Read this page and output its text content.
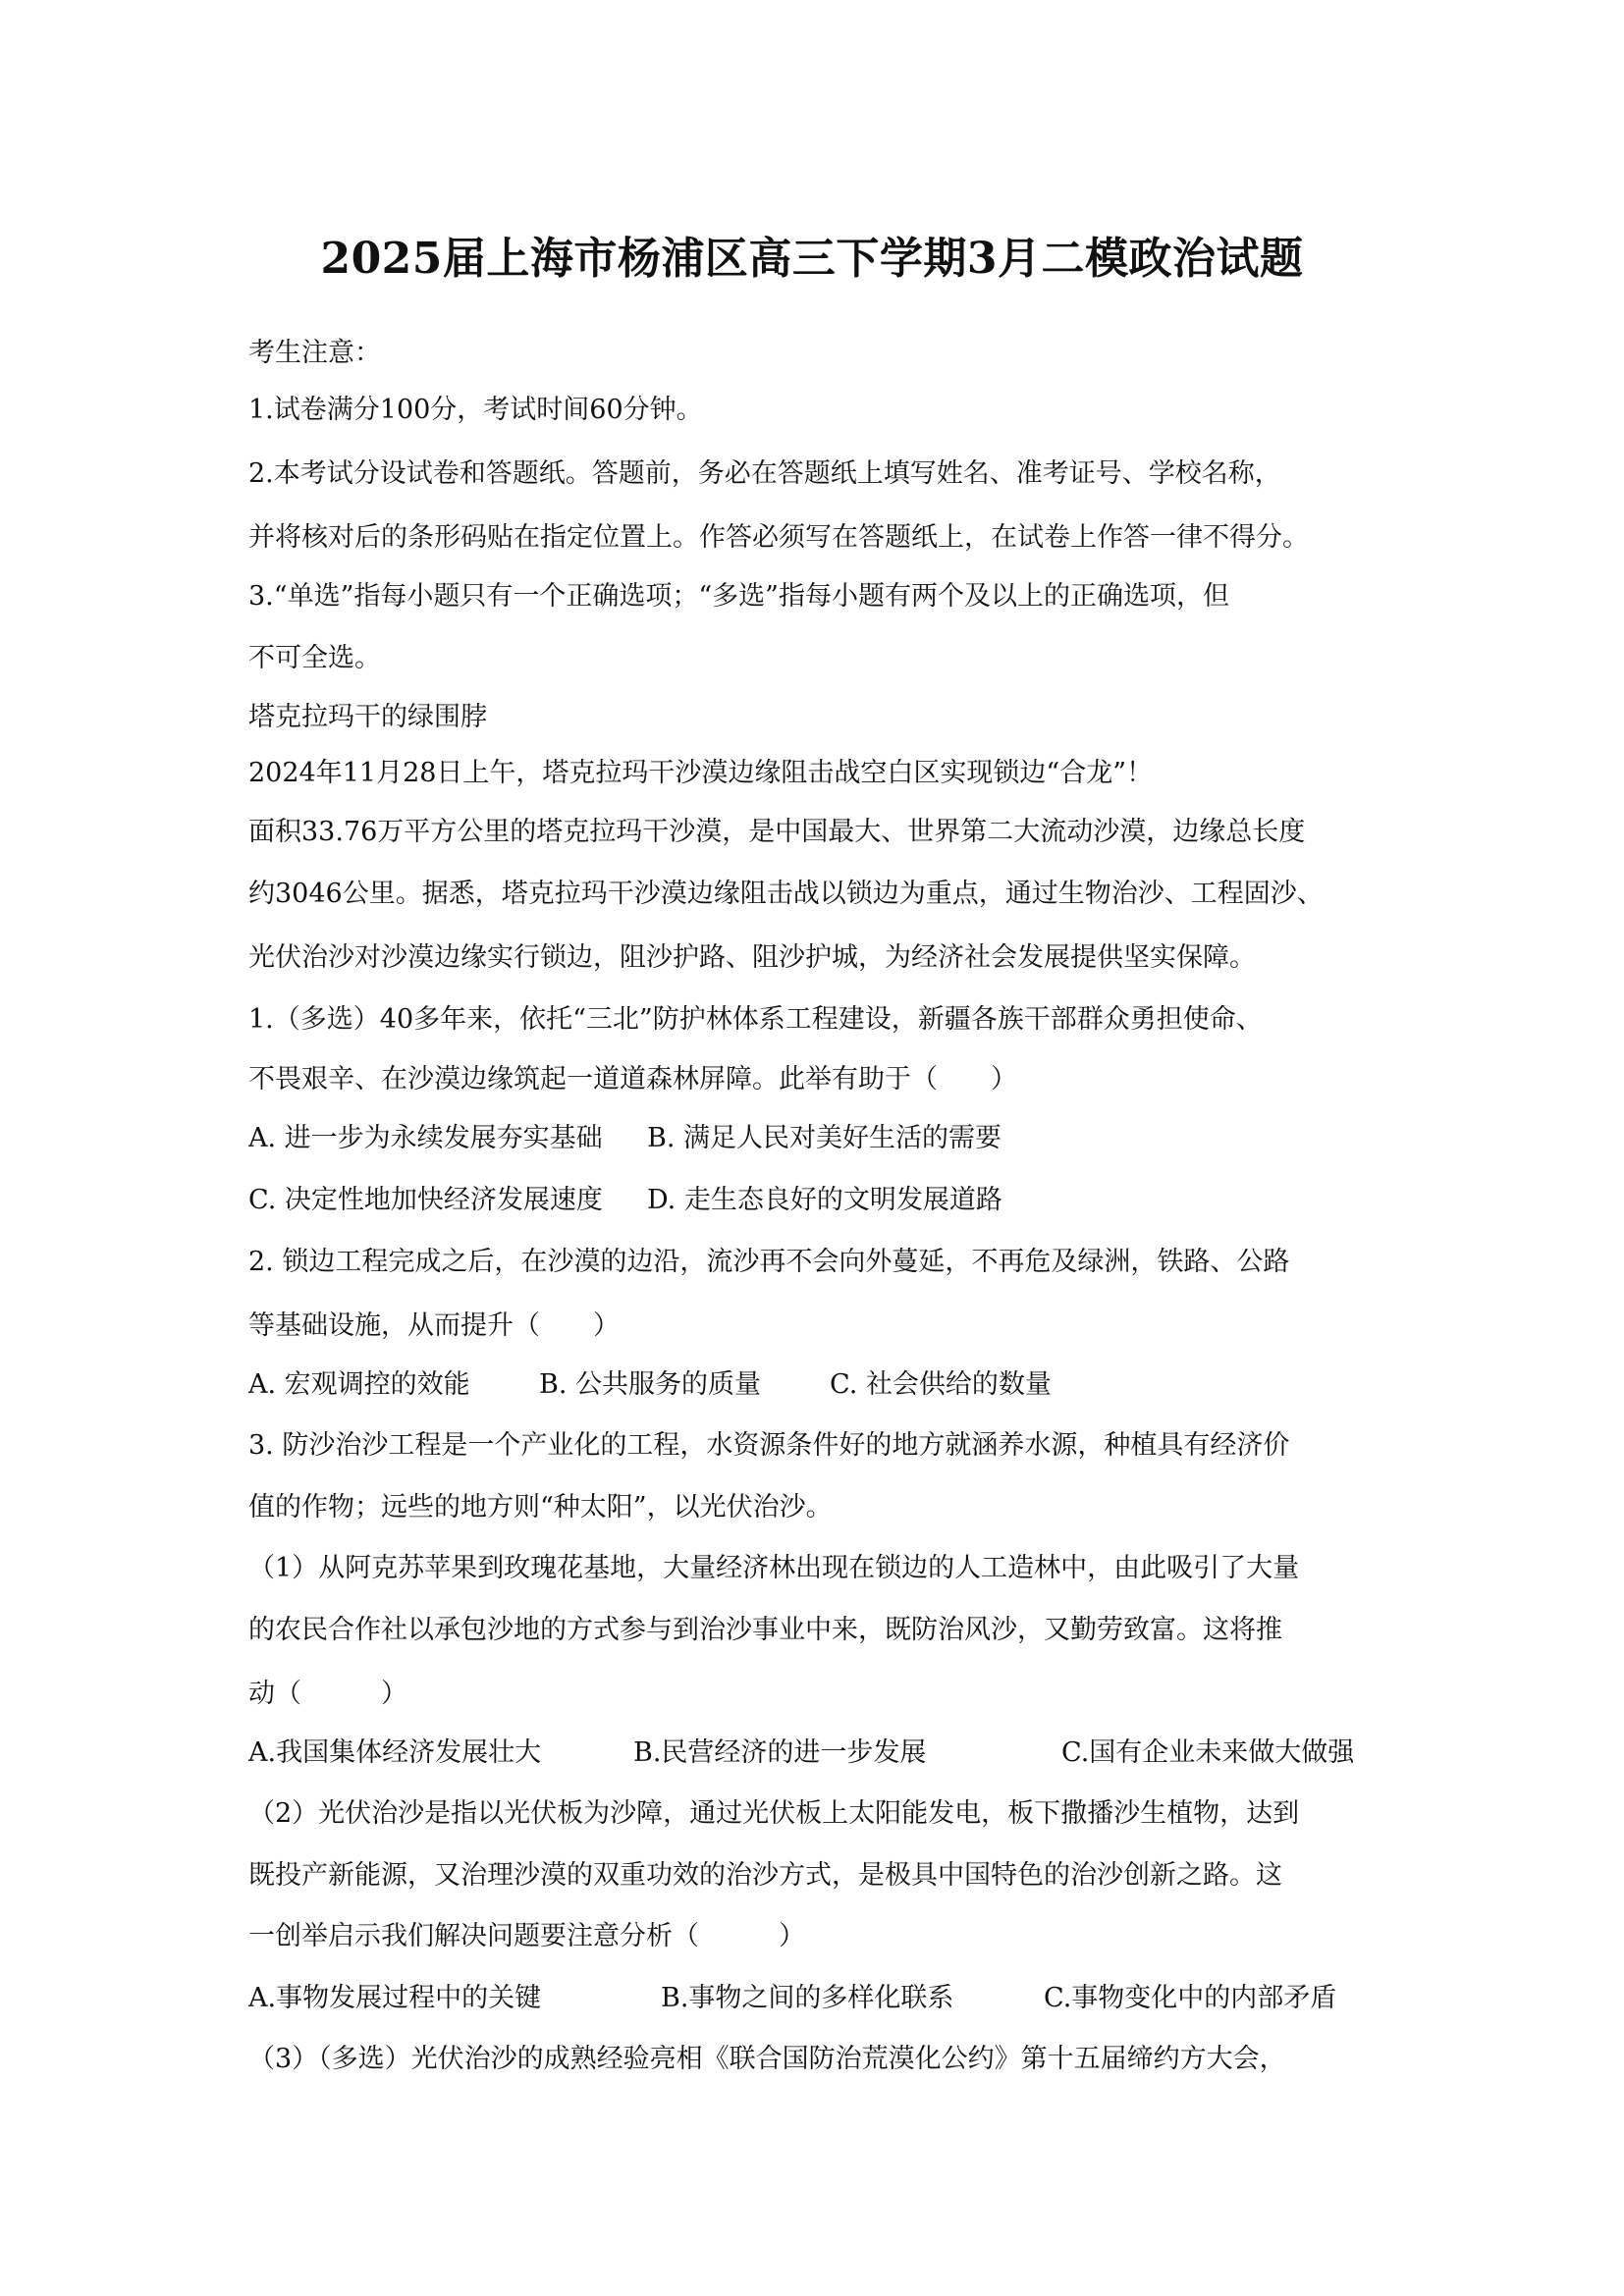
2025届上海市杨浦区高三下学期3月二模政治试题
考生注意：
1.试卷满分100分，考试时间60分钟。
2.本考试分设试卷和答题纸。答题前，务必在答题纸上填写姓名、准考证号、学校名称，
并将核对后的条形码贴在指定位置上。作答必须写在答题纸上，在试卷上作答一律不得分。
3.“单选”指每小题只有一个正确选项；“多选”指每小题有两个及以上的正确选项，但
不可全选。
塔克拉玛干的绿围脖
2024年11月28日上午，塔克拉玛干沙漠边缘阻击战空白区实现锁边“合龙”！
面积33.76万平方公里的塔克拉玛干沙漠，是中国最大、世界第二大流动沙漠，边缘总长度
约3046公里。据悉，塔克拉玛干沙漠边缘阻击战以锁边为重点，通过生物治沙、工程固沙、
光伏治沙对沙漠边缘实行锁边，阻沙护路、阻沙护城，为经济社会发展提供坚实保障。
1.（多选）40多年来，依托“三北”防护林体系工程建设，新疆各族干部群众勇担使命、
不畏艰辛、在沙漠边缘筑起一道道森林屏障。此举有助于（　　）
A. 进一步为永续发展夯实基础 B. 满足人民对美好生活的需要
C. 决定性地加快经济发展速度 D. 走生态良好的文明发展道路
2. 锁边工程完成之后，在沙漠的边沿，流沙再不会向外蔓延，不再危及绿洲，铁路、公路
等基础设施，从而提升（　　）
A. 宏观调控的效能	B. 公共服务的质量	C. 社会供给的数量
3. 防沙治沙工程是一个产业化的工程，水资源条件好的地方就涵养水源，种植具有经济价
值的作物；远些的地方则“种太阳”，以光伏治沙。
（1）从阿克苏苹果到玫瑰花基地，大量经济林出现在锁边的人工造林中，由此吸引了大量
的农民合作社以承包沙地的方式参与到治沙事业中来，既防治风沙，又勤劳致富。这将推
动（　　　）
A.我国集体经济发展壮大	B.民营经济的进一步发展	C.国有企业未来做大做强
（2）光伏治沙是指以光伏板为沙障，通过光伏板上太阳能发电，板下撒播沙生植物，达到
既投产新能源，又治理沙漠的双重功效的治沙方式，是极具中国特色的治沙创新之路。这
一创举启示我们解决问题要注意分析（　　　）
A.事物发展过程中的关键	B.事物之间的多样化联系	C.事物变化中的内部矛盾
（3）（多选）光伏治沙的成熟经验亮相《联合国防治荒漠化公约》第十五届缔约方大会，
